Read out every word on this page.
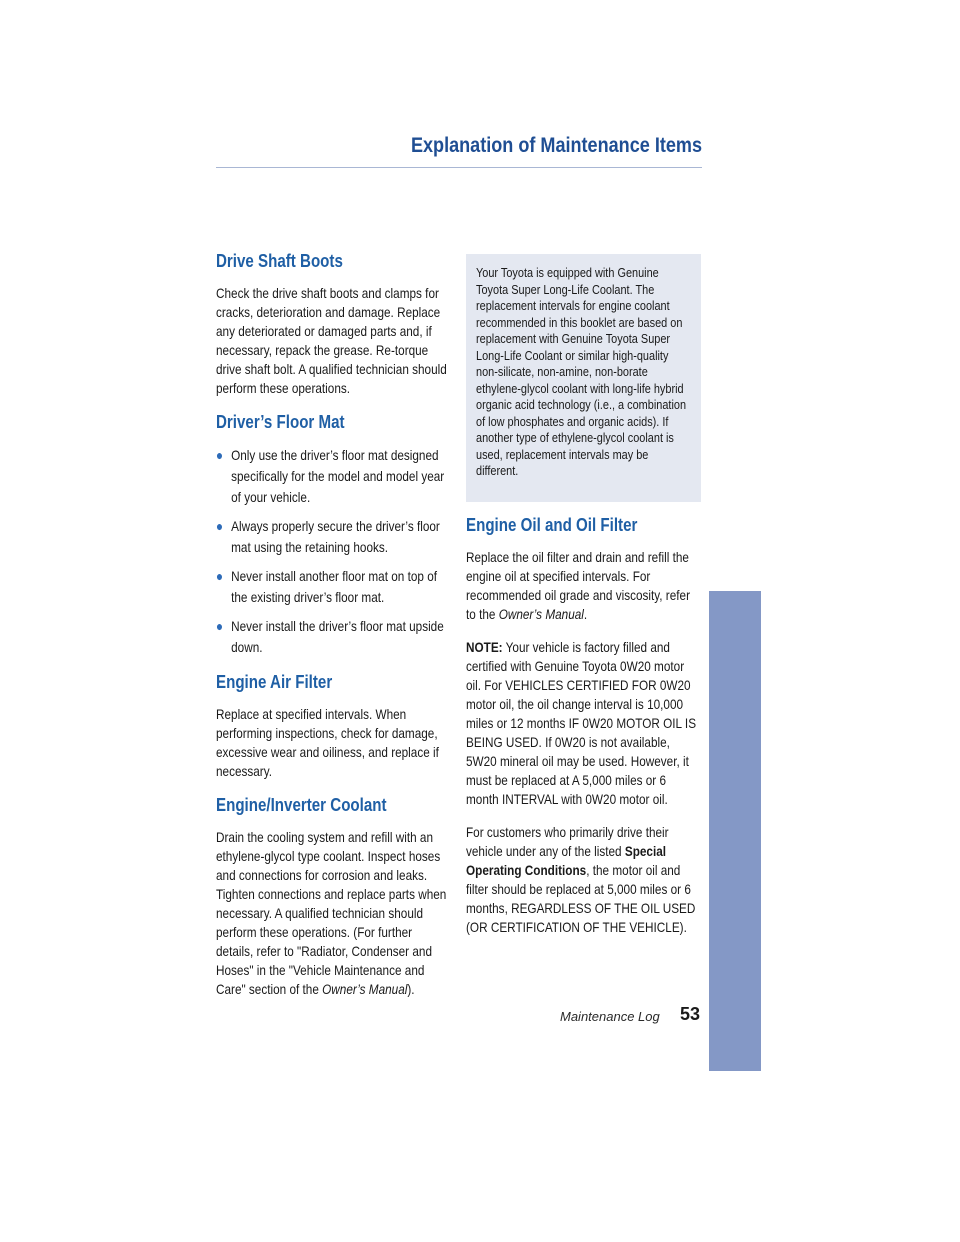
Explanation of Maintenance Items
Drive Shaft Boots

Check the drive shaft boots and clamps for cracks, deterioration and damage. Replace any deteriorated or damaged parts and, if necessary, repack the grease. Re-torque drive shaft bolt. A qualified technician should perform these operations.

Driver’s Floor Mat
● Only use the driver’s floor mat designed specifically for the model and model year of your vehicle.
● Always properly secure the driver’s floor mat using the retaining hooks.
● Never install another floor mat on top of the existing driver’s floor mat.
● Never install the driver’s floor mat upside down.
Engine Air Filter

Replace at specified intervals. When performing inspections, check for damage, excessive wear and oiliness, and replace if necessary.

Engine/Inverter Coolant

Drain the cooling system and refill with an ethylene-glycol type coolant. Inspect hoses and connections for corrosion and leaks. Tighten connections and replace parts when necessary. A qualified technician should perform these operations. (For further details, refer to "Radiator, Condenser and Hoses" in the "Vehicle Maintenance and Care" section of the Owner’s Manual).

Your Toyota is equipped with Genuine Toyota Super Long-Life Coolant. The replacement intervals for engine coolant recommended in this booklet are based on replacement with Genuine Toyota Super Long-Life Coolant or similar high-quality non-silicate, non-amine, non-borate ethylene-glycol coolant with long-life hybrid organic acid technology (i.e., a combination of low phosphates and organic acids). If another type of ethylene-glycol coolant is used, replacement intervals may be different.

Engine Oil and Oil Filter

Replace the oil filter and drain and refill the engine oil at specified intervals. For recommended oil grade and viscosity, refer to the Owner’s Manual.

NOTE: Your vehicle is factory filled and certified with Genuine Toyota 0W20 motor oil. For VEHICLES CERTIFIED FOR 0W20 motor oil, the oil change interval is 10,000 miles or 12 months IF 0W20 MOTOR OIL IS BEING USED. If 0W20 is not available, 5W20 mineral oil may be used. However, it must be replaced at A 5,000 miles or 6 month INTERVAL with 0W20 motor oil.

For customers who primarily drive their vehicle under any of the listed Special Operating Conditions, the motor oil and filter should be replaced at 5,000 miles or 6 months, REGARDLESS OF THE OIL USED (OR CERTIFICATION OF THE VEHICLE).

MAINTENANCE
Maintenance Log 53
